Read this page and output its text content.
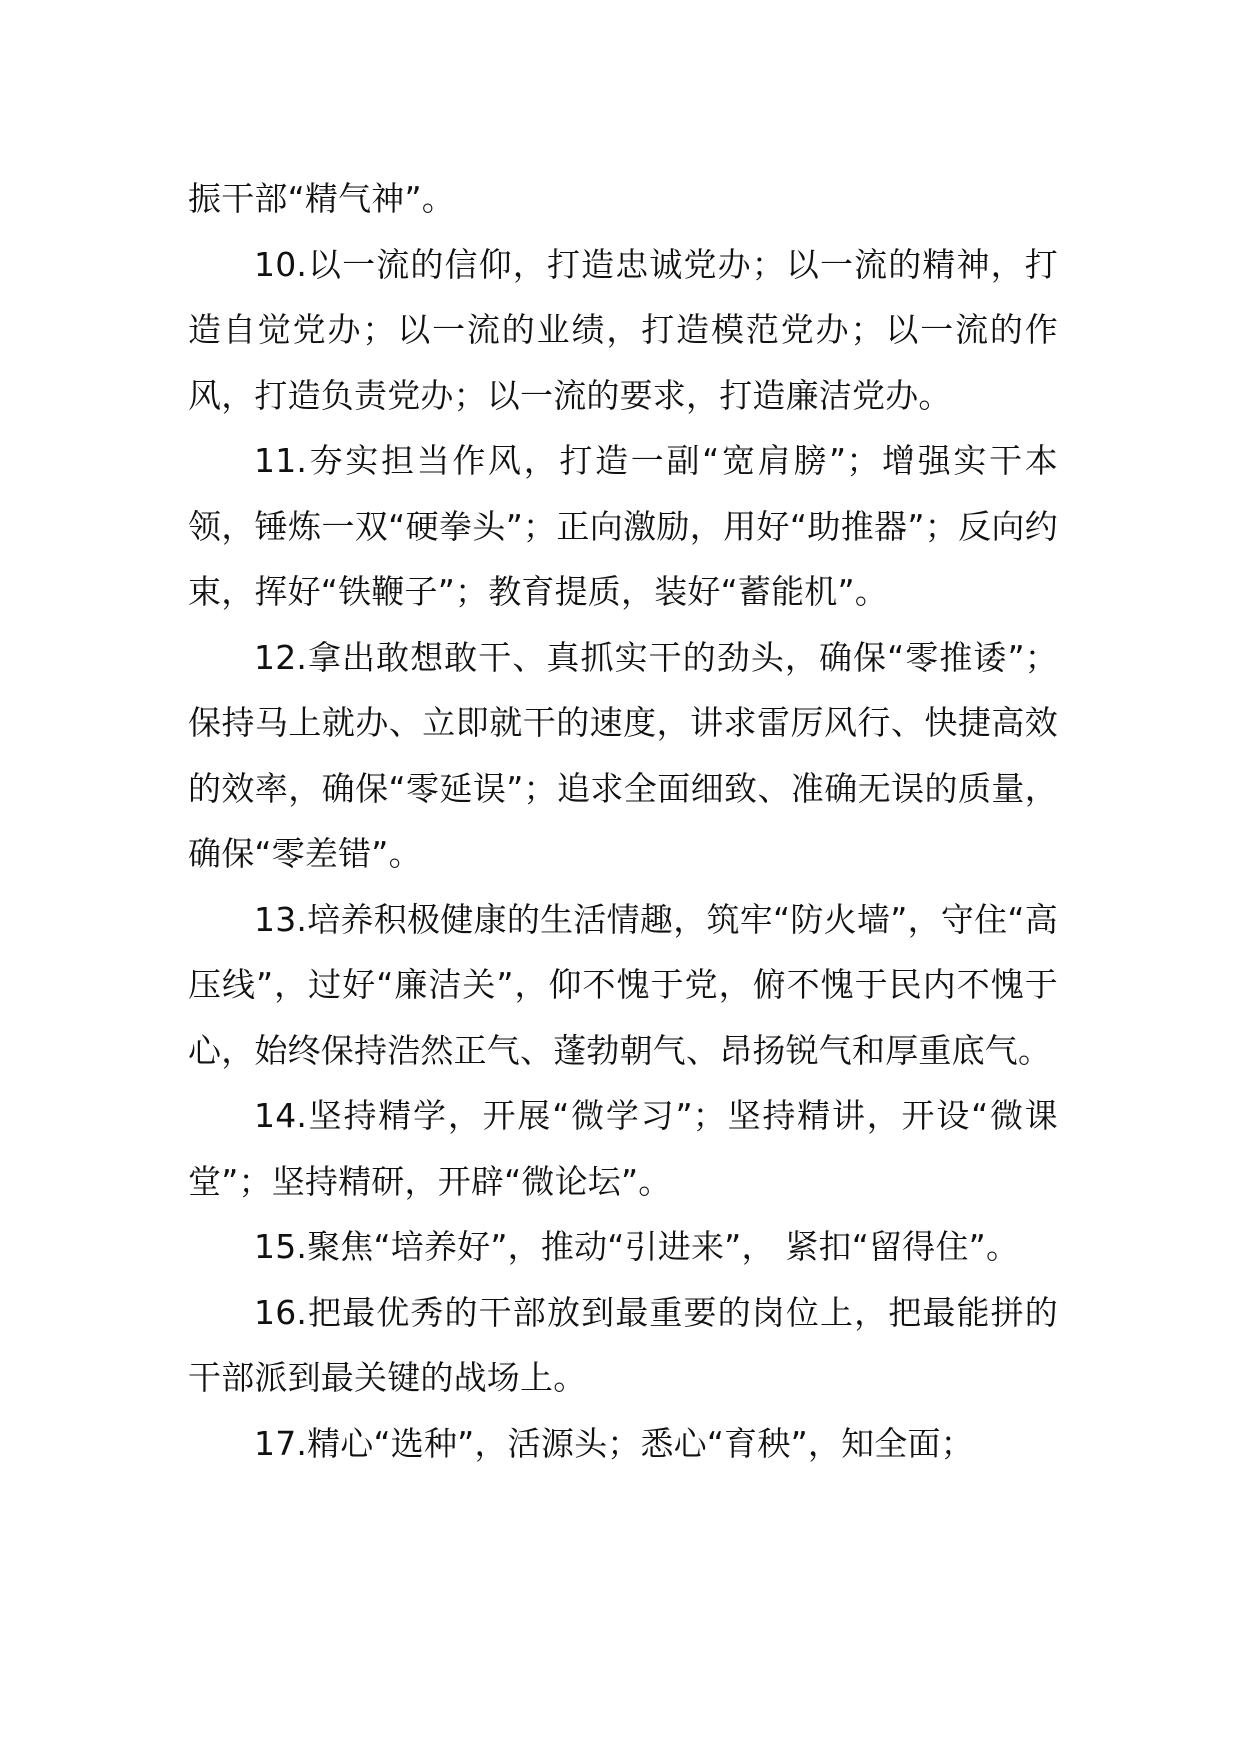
振干部“精气神”。

10.以一流的信仰，打造忠诚党办；以一流的精神，打造自觉党办；以一流的业绩，打造模范党办；以一流的作风，打造负责党办；以一流的要求，打造廉洁党办。

11.夯实担当作风，打造一副“宽肩膀”；增强实干本领，锤炼一双“硬拳头”；正向激励，用好“助推器”；反向约束，挥好“铁鞭子”；教育提质，装好“蓄能机”。

12.拿出敢想敢干、真抓实干的劲头，确保“零推诿”；保持马上就办、立即就干的速度，讲求雷厉风行、快捷高效的效率，确保“零延误”；追求全面细致、准确无误的质量，确保“零差错”。

13.培养积极健康的生活情趣，筑牢“防火墙”，守住“高压线”，过好“廉洁关”，仰不愧于党，俯不愧于民内不愧于心，始终保持浩然正气、蓬勃朝气、昂扬锐气和厚重底气。

14.坚持精学，开展“微学习”；坚持精讲，开设“微课堂”；坚持精研，开辟“微论坛”。

15.聚焦“培养好”，推动“引进来”， 紧扣“留得住”。

16.把最优秀的干部放到最重要的岗位上，把最能拼的干部派到最关键的战场上。

17.精心“选种”，活源头；悉心“育秧”，知全面；
